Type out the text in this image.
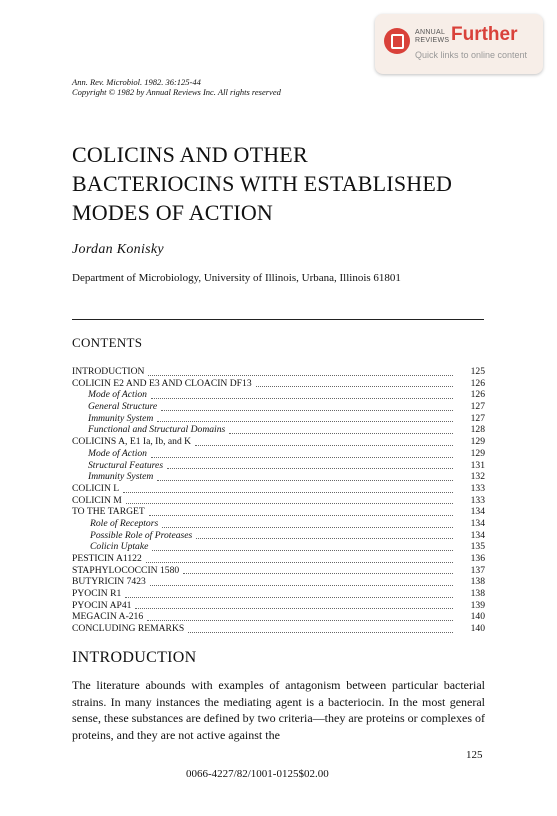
ANNUAL
REVIEWS Further
Quick links to online content
Ann. Rev. Microbiol. 1982. 36:125-44
Copyright © 1982 by Annual Reviews Inc. All rights reserved
COLICINS AND OTHER
BACTERIOCINS WITH ESTABLISHED
MODES OF ACTION
Jordan Konisky
Department of Microbiology, University of Illinois, Urbana, Illinois 61801
CONTENTS
INTRODUCTION	125
COLICIN E2 AND E3 AND CLOACIN DF13	126
Mode of Action	126
General Structure	127
Immunity System	127
Functional and Structural Domains	128
COLICINS A, E1 Ia, Ib, and K	129
Mode of Action	129
Structural Features	131
Immunity System	132
COLICIN L	133
COLICIN M	133
TO THE TARGET	134
Role of Receptors	134
Possible Role of Proteases	134
Colicin Uptake	135
PESTICIN A1122	136
STAPHYLOCOCCIN 1580	137
BUTYRICIN 7423	138
PYOCIN R1	138
PYOCIN AP41	139
MEGACIN A-216	140
CONCLUDING REMARKS	140
INTRODUCTION
The literature abounds with examples of antagonism between particular bacterial strains. In many instances the mediating agent is a bacteriocin. In the most general sense, these substances are defined by two criteria—they are proteins or complexes of proteins, and they are not active against the
125
0066-4227/82/1001-0125$02.00
